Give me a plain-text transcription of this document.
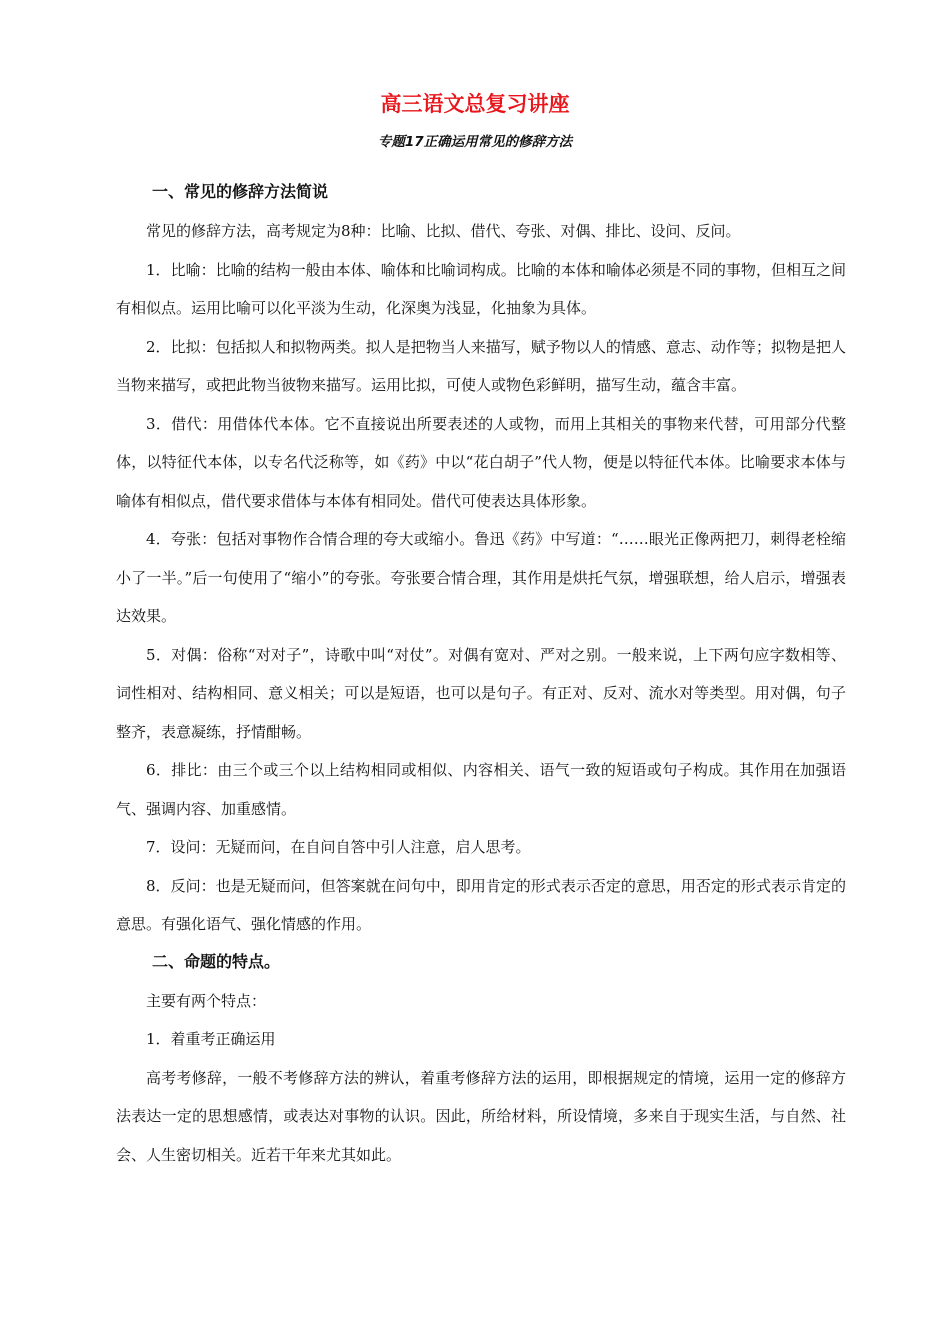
高三语文总复习讲座
专题17正确运用常见的修辞方法
一、常见的修辞方法简说

常见的修辞方法，高考规定为8种：比喻、比拟、借代、夸张、对偶、排比、设问、反问。

1．比喻：比喻的结构一般由本体、喻体和比喻词构成。比喻的本体和喻体必须是不同的事物，但相互之间有相似点。运用比喻可以化平淡为生动，化深奥为浅显，化抽象为具体。

2．比拟：包括拟人和拟物两类。拟人是把物当人来描写，赋予物以人的情感、意志、动作等；拟物是把人当物来描写，或把此物当彼物来描写。运用比拟，可使人或物色彩鲜明，描写生动，蕴含丰富。

3．借代：用借体代本体。它不直接说出所要表述的人或物，而用上其相关的事物来代替，可用部分代整体，以特征代本体，以专名代泛称等，如《药》中以“花白胡子”代人物，便是以特征代本体。比喻要求本体与喻体有相似点，借代要求借体与本体有相同处。借代可使表达具体形象。

4．夸张：包括对事物作合情合理的夸大或缩小。鲁迅《药》中写道：“……眼光正像两把刀，刺得老栓缩小了一半。”后一句使用了“缩小”的夸张。夸张要合情合理，其作用是烘托气氛，增强联想，给人启示，增强表达效果。

5．对偶：俗称“对对子”，诗歌中叫“对仗”。对偶有宽对、严对之别。一般来说，上下两句应字数相等、词性相对、结构相同、意义相关；可以是短语，也可以是句子。有正对、反对、流水对等类型。用对偶，句子整齐，表意凝练，抒情酣畅。

6．排比：由三个或三个以上结构相同或相似、内容相关、语气一致的短语或句子构成。其作用在加强语气、强调内容、加重感情。

7．设问：无疑而问，在自问自答中引人注意，启人思考。

8．反问：也是无疑而问，但答案就在问句中，即用肯定的形式表示否定的意思，用否定的形式表示肯定的意思。有强化语气、强化情感的作用。

二、命题的特点。

主要有两个特点：

1．着重考正确运用

高考考修辞，一般不考修辞方法的辨认，着重考修辞方法的运用，即根据规定的情境，运用一定的修辞方法表达一定的思想感情，或表达对事物的认识。因此，所给材料，所设情境，多来自于现实生活，与自然、社会、人生密切相关。近若干年来尤其如此。
